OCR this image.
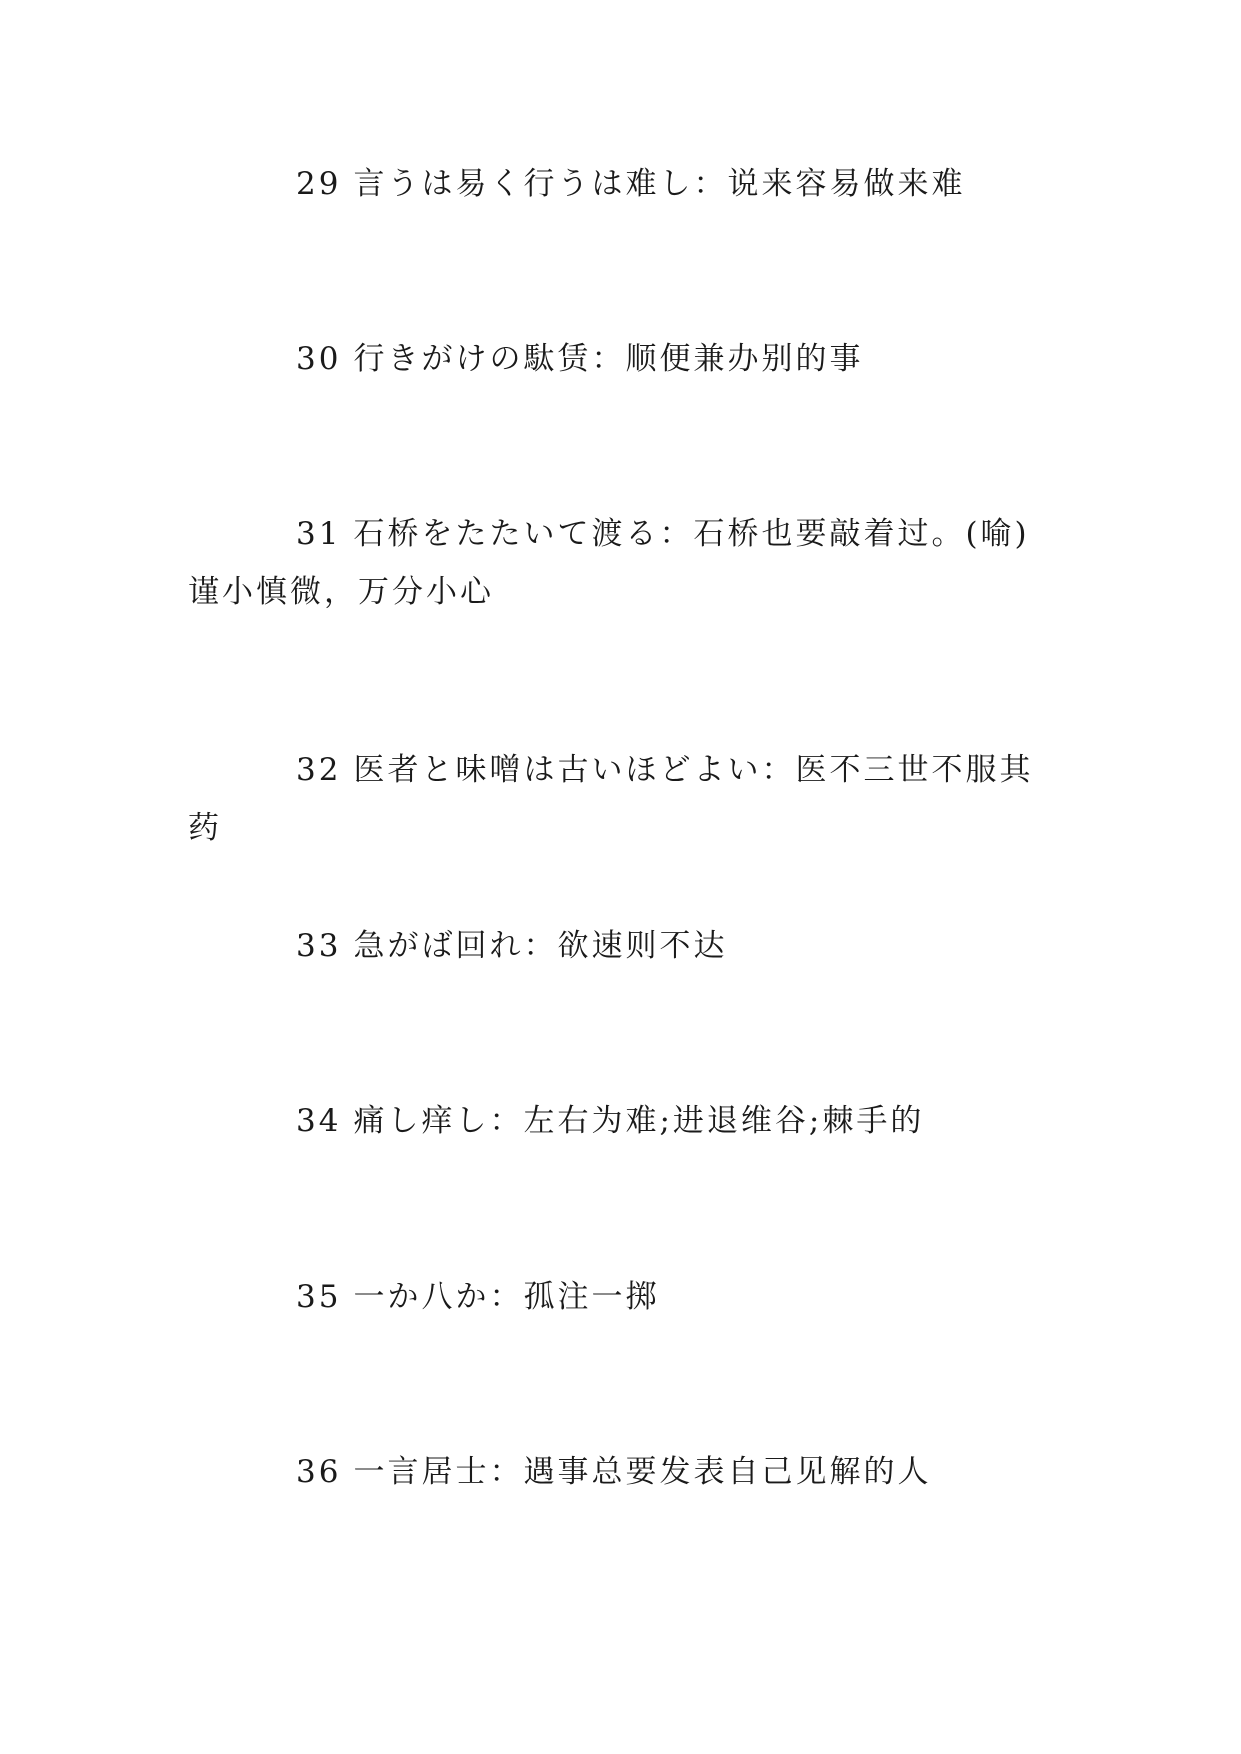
29 言うは易く行うは难し：说来容易做来难

30 行きがけの駄赁：顺便兼办别的事

31 石桥をたたいて渡る：石桥也要敲着过。(喻)谨小慎微，万分小心

32 医者と味噌は古いほどよい：医不三世不服其药

33 急がば回れ：欲速则不达

34 痛し痒し：左右为难;进退维谷;棘手的

35 一か八か：孤注一掷

36 一言居士：遇事总要发表自己见解的人
